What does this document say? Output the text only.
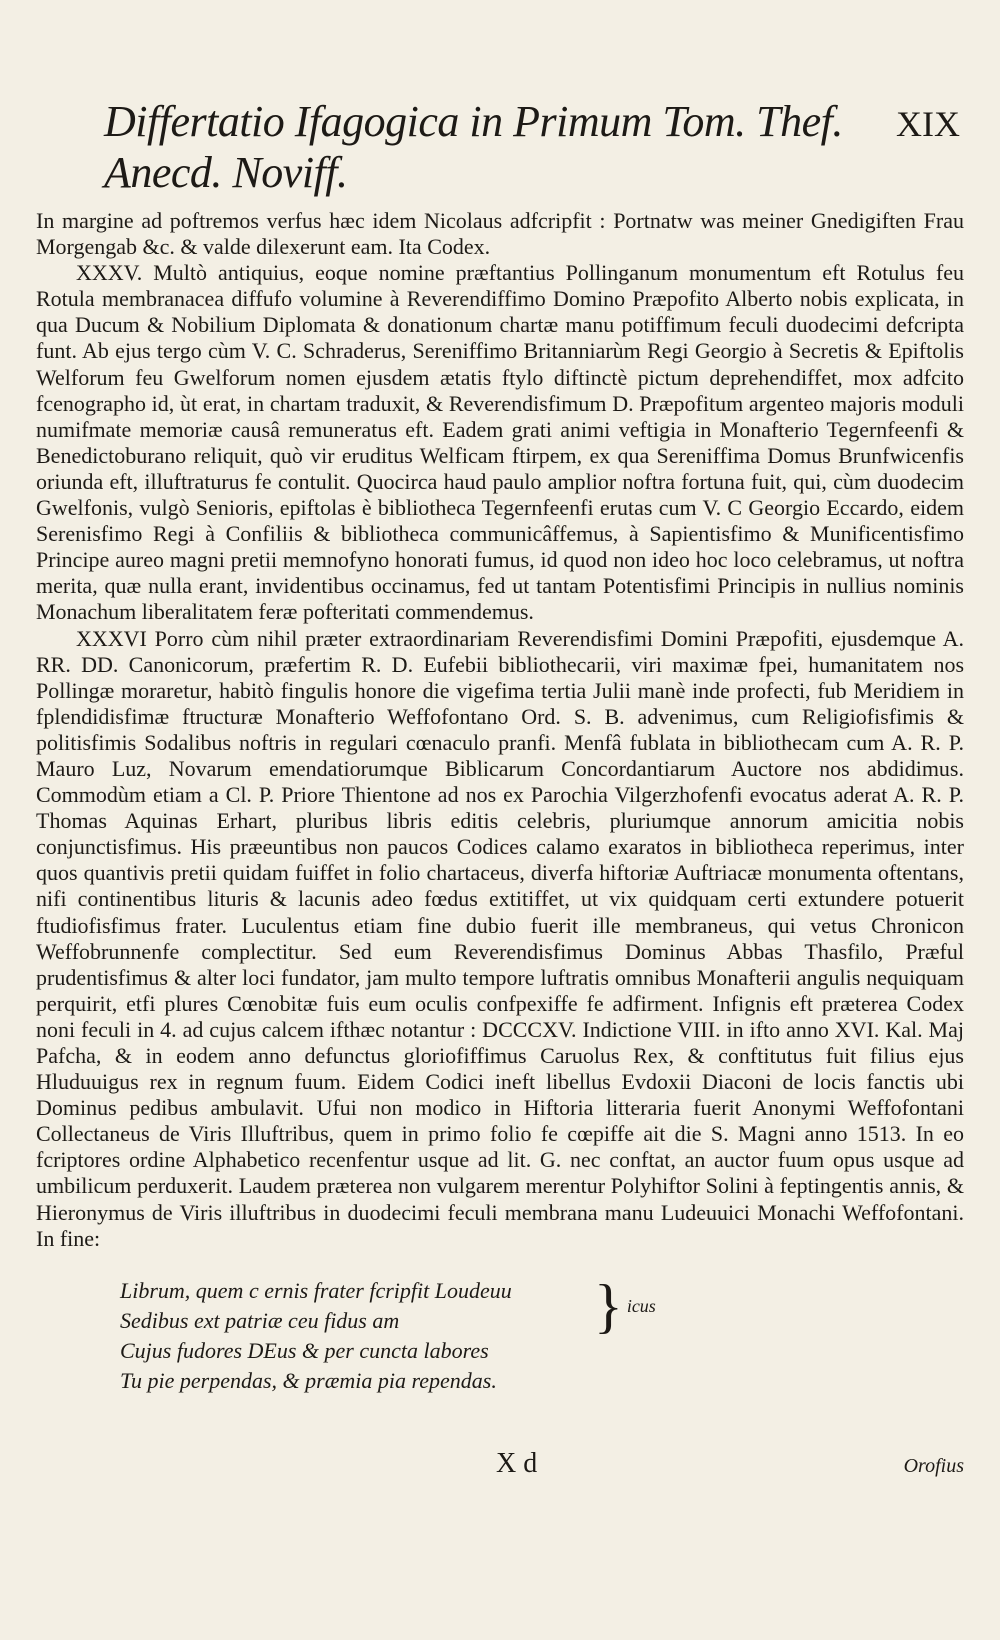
Differtatio Ifagogica in Primum Tom. Thef. Anecd. Noviff.
XIX

In margine ad poftremos verfus hæc idem Nicolaus adfcripfit : Portnatw was meiner Gnedigiften Frau Morgengab &c. & valde dilexerunt eam. Ita Codex.

XXXV. Multò antiquius, eoque nomine præftantius Pollinganum monumentum eft Rotulus feu Rotula membranacea diffufo volumine à Reverendiffimo Domino Præpofito Alberto nobis explicata, in qua Ducum & Nobilium Diplomata & donationum chartæ manu potiffimum feculi duodecimi defcripta funt. Ab ejus tergo cùm V. C. Schraderus, Sereniffimo Britanniarùm Regi Georgio à Secretis & Epiftolis Welforum feu Gwelforum nomen ejusdem ætatis ftylo diftinctè pictum deprehendiffet, mox adfcito fcenographo id, ùt erat, in chartam traduxit, & Reverendisfimum D. Præpofitum argenteo majoris moduli numifmate memoriæ causâ remuneratus eft. Eadem grati animi veftigia in Monafterio Tegernfeenfi & Benedictoburano reliquit, quò vir eruditus Welficam ftirpem, ex qua Sereniffima Domus Brunfwicenfis oriunda eft, illuftraturus fe contulit. Quocirca haud paulo amplior noftra fortuna fuit, qui, cùm duodecim Gwelfonis, vulgò Senioris, epiftolas è bibliotheca Tegernfeenfi erutas cum V. C Georgio Eccardo, eidem Serenisfimo Regi à Confiliis & bibliotheca communicâffemus, à Sapientisfimo & Munificentisfimo Principe aureo magni pretii memnofyno honorati fumus, id quod non ideo hoc loco celebramus, ut noftra merita, quæ nulla erant, invidentibus occinamus, fed ut tantam Potentisfimi Principis in nullius nominis Monachum liberalitatem feræ pofteritati commendemus.

XXXVI Porro cùm nihil præter extraordinariam Reverendisfimi Domini Præpofiti, ejusdemque A. RR. DD. Canonicorum, præfertim R. D. Eufebii bibliothecarii, viri maximæ fpei, humanitatem nos Pollingæ moraretur, habitò fingulis honore die vigefima tertia Julii manè inde profecti, fub Meridiem in fplendidisfimæ ftructuræ Monafterio Weffofontano Ord. S. B. advenimus, cum Religiofisfimis & politisfimis Sodalibus noftris in regulari cœnaculo pranfi. Menfâ fublata in bibliothecam cum A. R. P. Mauro Luz, Novarum emendatiorumque Biblicarum Concordantiarum Auctore nos abdidimus. Commodùm etiam a Cl. P. Priore Thientone ad nos ex Parochia Vilgerzhofenfi evocatus aderat A. R. P. Thomas Aquinas Erhart, pluribus libris editis celebris, pluriumque annorum amicitia nobis conjunctisfimus. His præeuntibus non paucos Codices calamo exaratos in bibliotheca reperimus, inter quos quantivis pretii quidam fuiffet in folio chartaceus, diverfa hiftoriæ Auftriacæ monumenta oftentans, nifi continentibus lituris & lacunis adeo fœdus extitiffet, ut vix quidquam certi extundere potuerit ftudiofisfimus frater. Luculentus etiam fine dubio fuerit ille membraneus, qui vetus Chronicon Weffobrunnenfe complectitur. Sed eum Reverendisfimus Dominus Abbas Thasfilo, Præful prudentisfimus & alter loci fundator, jam multo tempore luftratis omnibus Monafterii angulis nequiquam perquirit, etfi plures Cœnobitæ fuis eum oculis confpexiffe fe adfirment. Infignis eft præterea Codex noni feculi in 4. ad cujus calcem ifthæc notantur : DCCCXV. Indictione VIII. in ifto anno XVI. Kal. Maj Pafcha, & in eodem anno defunctus gloriofiffimus Caruolus Rex, & conftitutus fuit filius ejus Hluduuigus rex in regnum fuum. Eidem Codici ineft libellus Evdoxii Diaconi de locis fanctis ubi Dominus pedibus ambulavit. Ufui non modico in Hiftoria litteraria fuerit Anonymi Weffofontani Collectaneus de Viris Illuftribus, quem in primo folio fe cœpiffe ait die S. Magni anno 1513. In eo fcriptores ordine Alphabetico recenfentur usque ad lit. G. nec conftat, an auctor fuum opus usque ad umbilicum perduxerit. Laudem præterea non vulgarem merentur Polyhiftor Solini à feptingentis annis, & Hieronymus de Viris illuftribus in duodecimi feculi membrana manu Ludeuuici Monachi Weffofontani. In fine:

Librum, quem c ernis frater fcripfit Loudeuu
Sedibus ext patriæ ceu fidus am	} icus
Cujus fudores DEus & per cuncta labores
Tu pie perpendas, & præmia pia rependas.
X d	Orofius
